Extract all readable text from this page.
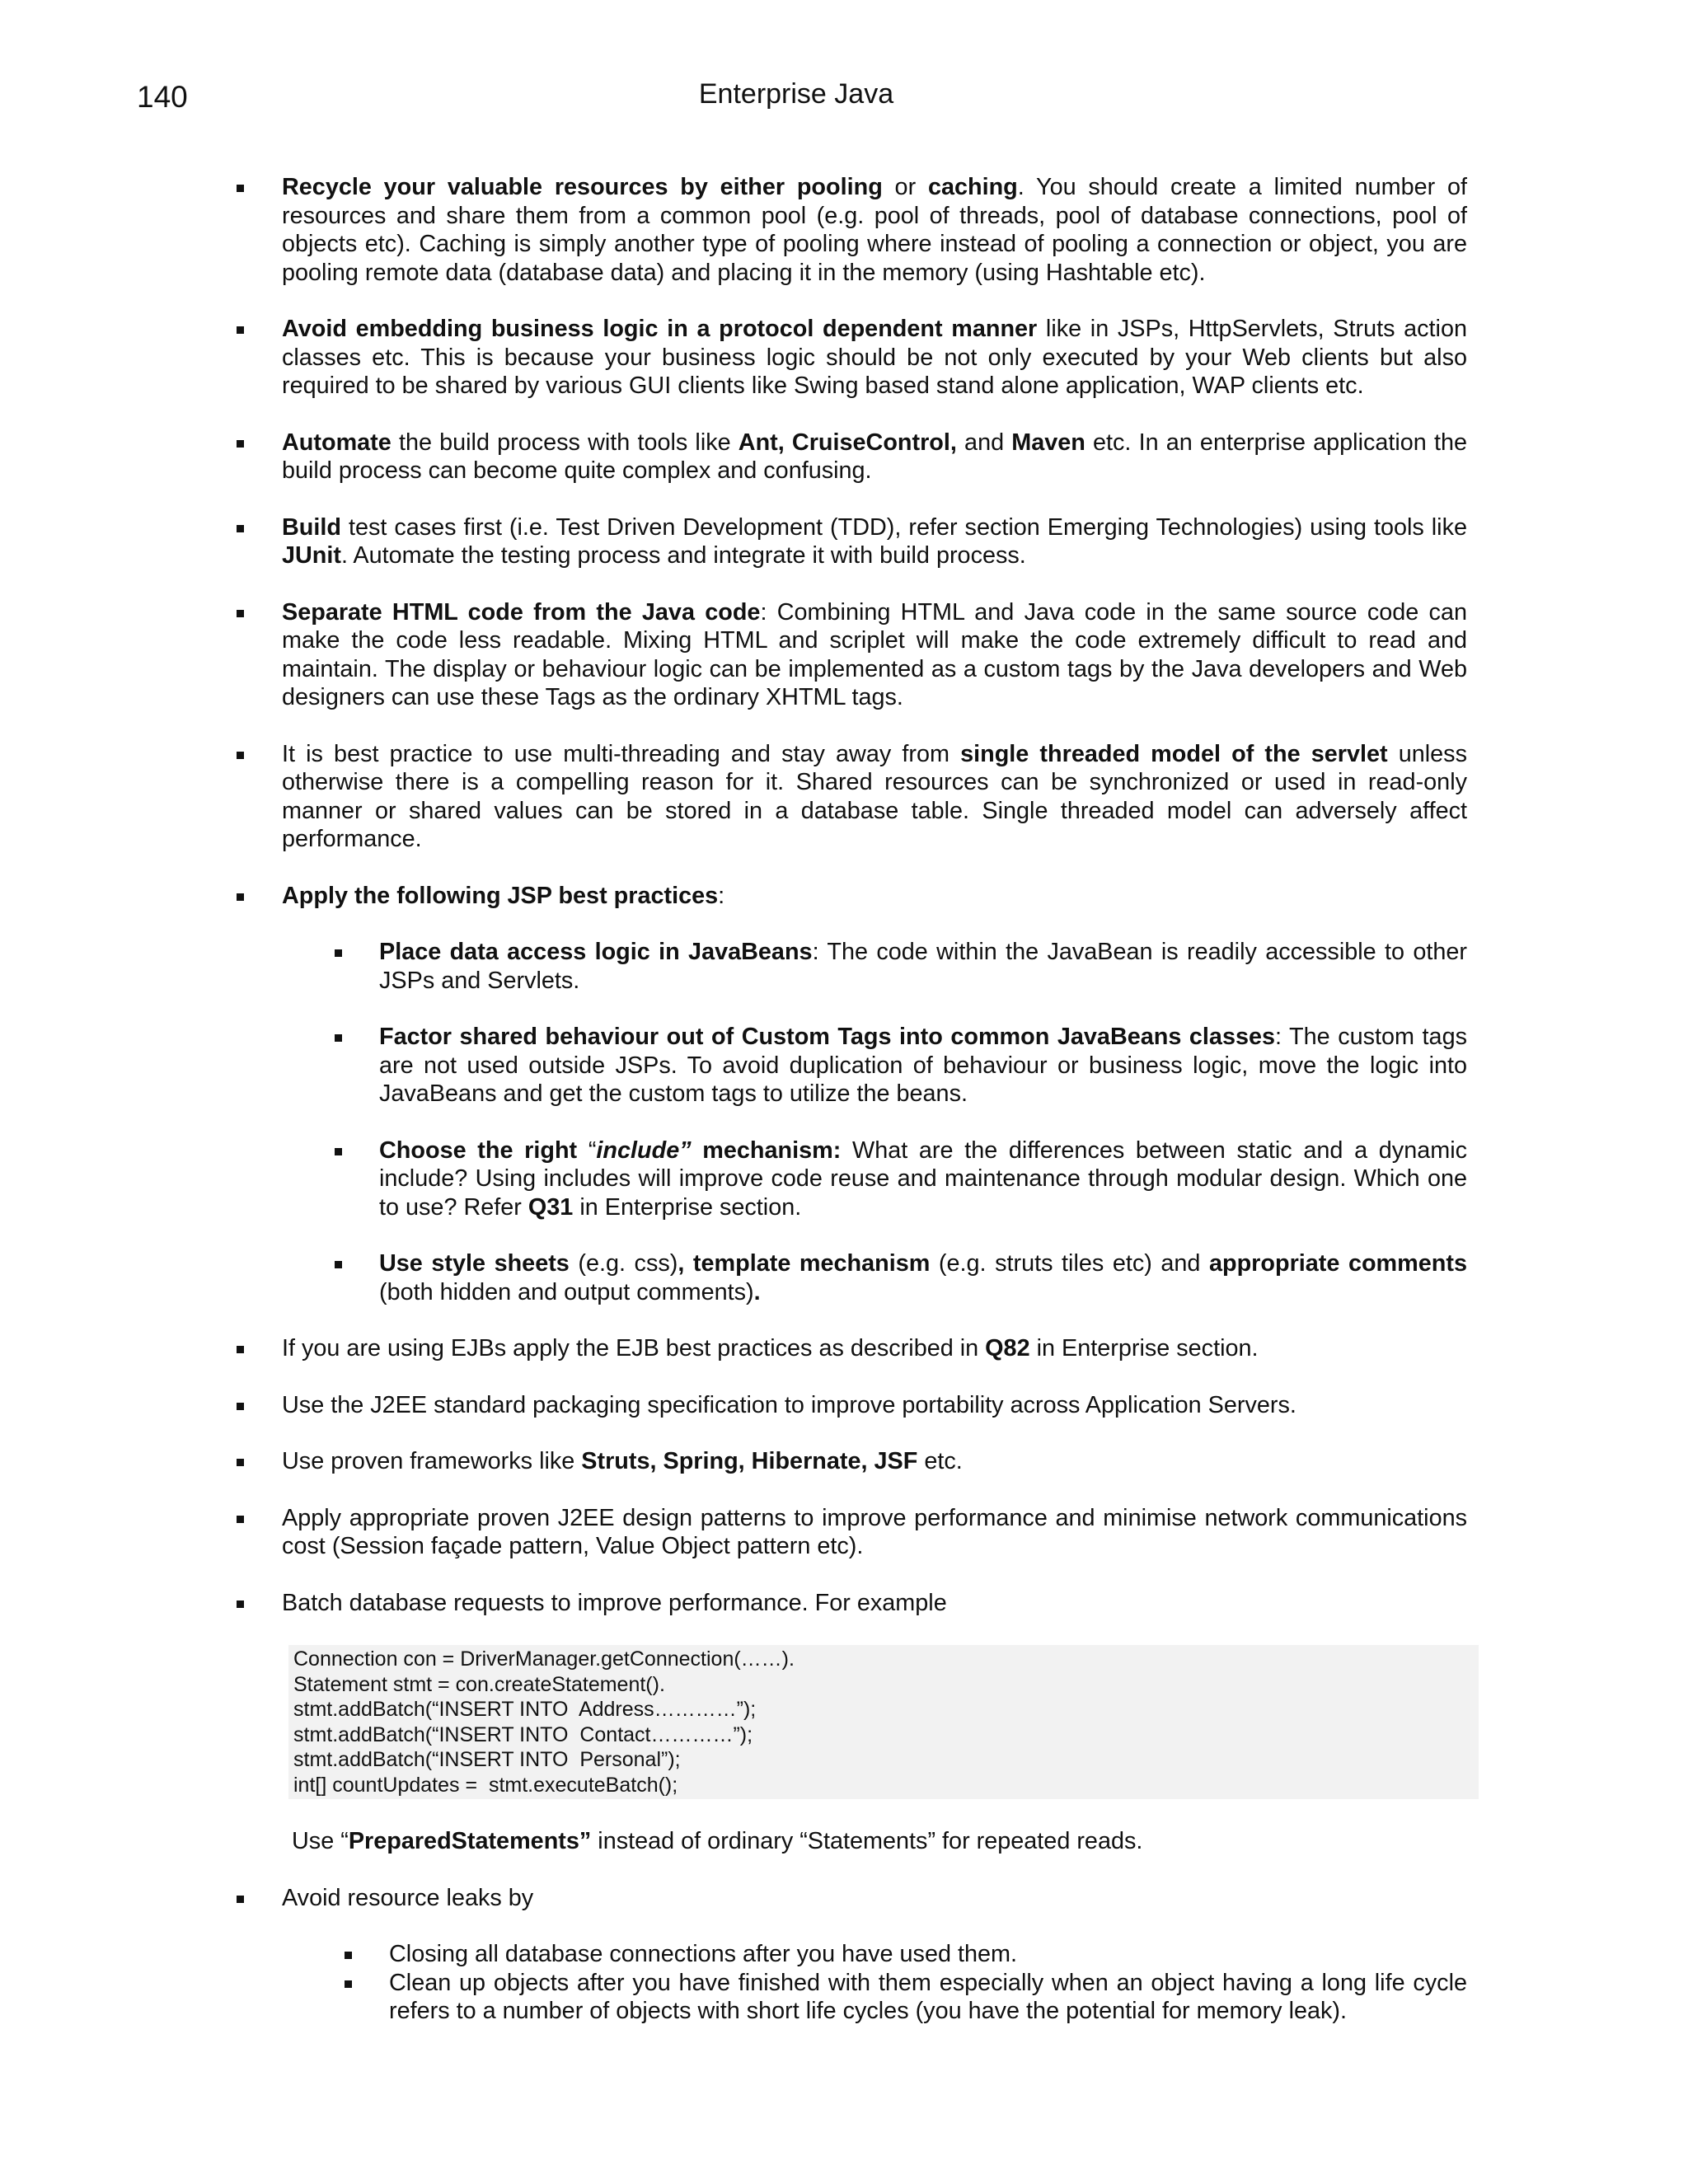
140	Enterprise Java
Recycle your valuable resources by either pooling or caching. You should create a limited number of resources and share them from a common pool (e.g. pool of threads, pool of database connections, pool of objects etc). Caching is simply another type of pooling where instead of pooling a connection or object, you are pooling remote data (database data) and placing it in the memory (using Hashtable etc).
Avoid embedding business logic in a protocol dependent manner like in JSPs, HttpServlets, Struts action classes etc. This is because your business logic should be not only executed by your Web clients but also required to be shared by various GUI clients like Swing based stand alone application, WAP clients etc.
Automate the build process with tools like Ant, CruiseControl, and Maven etc. In an enterprise application the build process can become quite complex and confusing.
Build test cases first (i.e. Test Driven Development (TDD), refer section Emerging Technologies) using tools like JUnit. Automate the testing process and integrate it with build process.
Separate HTML code from the Java code: Combining HTML and Java code in the same source code can make the code less readable. Mixing HTML and scriplet will make the code extremely difficult to read and maintain. The display or behaviour logic can be implemented as a custom tags by the Java developers and Web designers can use these Tags as the ordinary XHTML tags.
It is best practice to use multi-threading and stay away from single threaded model of the servlet unless otherwise there is a compelling reason for it. Shared resources can be synchronized or used in read-only manner or shared values can be stored in a database table. Single threaded model can adversely affect performance.
Apply the following JSP best practices:
Place data access logic in JavaBeans: The code within the JavaBean is readily accessible to other JSPs and Servlets.
Factor shared behaviour out of Custom Tags into common JavaBeans classes: The custom tags are not used outside JSPs. To avoid duplication of behaviour or business logic, move the logic into JavaBeans and get the custom tags to utilize the beans.
Choose the right “include” mechanism: What are the differences between static and a dynamic include? Using includes will improve code reuse and maintenance through modular design. Which one to use? Refer Q31 in Enterprise section.
Use style sheets (e.g. css), template mechanism (e.g. struts tiles etc) and appropriate comments (both hidden and output comments).
If you are using EJBs apply the EJB best practices as described in Q82 in Enterprise section.
Use the J2EE standard packaging specification to improve portability across Application Servers.
Use proven frameworks like Struts, Spring, Hibernate, JSF etc.
Apply appropriate proven J2EE design patterns to improve performance and minimise network communications cost (Session façade pattern, Value Object pattern etc).
Batch database requests to improve performance. For example
Connection con = DriverManager.getConnection(……).
Statement stmt = con.createStatement().
stmt.addBatch(“INSERT INTO  Address…………”);
stmt.addBatch(“INSERT INTO  Contact…………”);
stmt.addBatch(“INSERT INTO  Personal”);
int[] countUpdates =  stmt.executeBatch();
Use “PreparedStatements” instead of ordinary “Statements” for repeated reads.
Avoid resource leaks by
Closing all database connections after you have used them.
Clean up objects after you have finished with them especially when an object having a long life cycle refers to a number of objects with short life cycles (you have the potential for memory leak).
